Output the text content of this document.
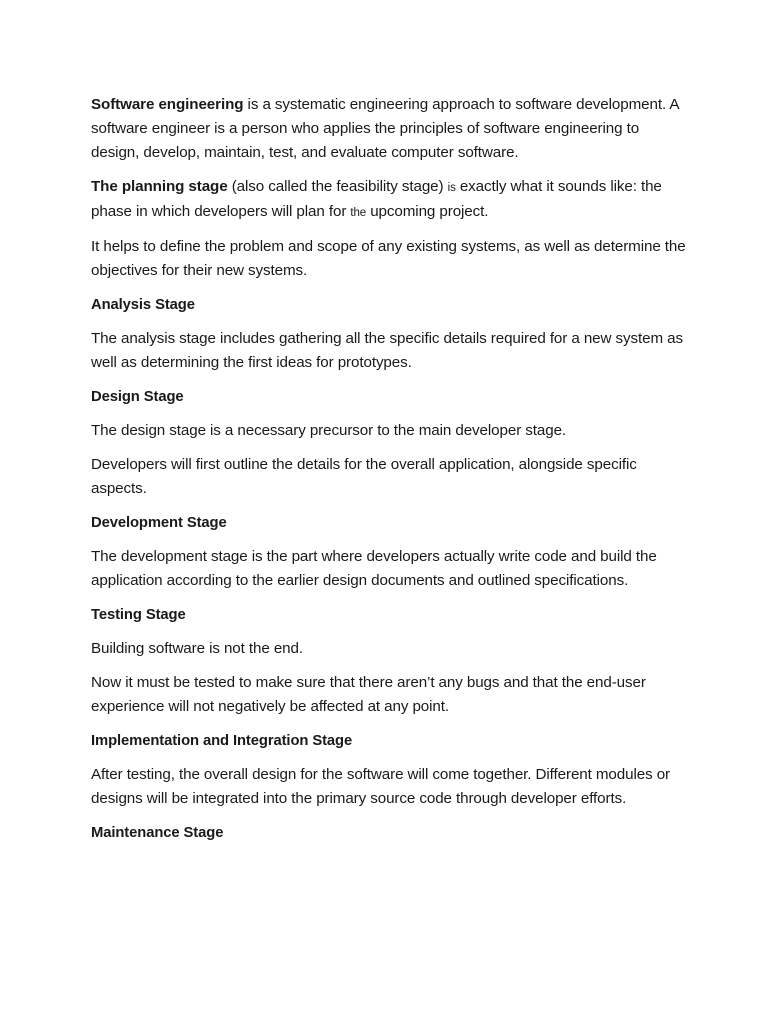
Software engineering is a systematic engineering approach to software development. A software engineer is a person who applies the principles of software engineering to design, develop, maintain, test, and evaluate computer software.

The planning stage (also called the feasibility stage) is exactly what it sounds like: the phase in which developers will plan for the upcoming project.

It helps to define the problem and scope of any existing systems, as well as determine the objectives for their new systems.

Analysis Stage

The analysis stage includes gathering all the specific details required for a new system as well as determining the first ideas for prototypes.

Design Stage

The design stage is a necessary precursor to the main developer stage.

Developers will first outline the details for the overall application, alongside specific aspects.

Development Stage

The development stage is the part where developers actually write code and build the application according to the earlier design documents and outlined specifications.

Testing Stage

Building software is not the end.

Now it must be tested to make sure that there aren’t any bugs and that the end-user experience will not negatively be affected at any point.

Implementation and Integration Stage

After testing, the overall design for the software will come together. Different modules or designs will be integrated into the primary source code through developer efforts.

Maintenance Stage
